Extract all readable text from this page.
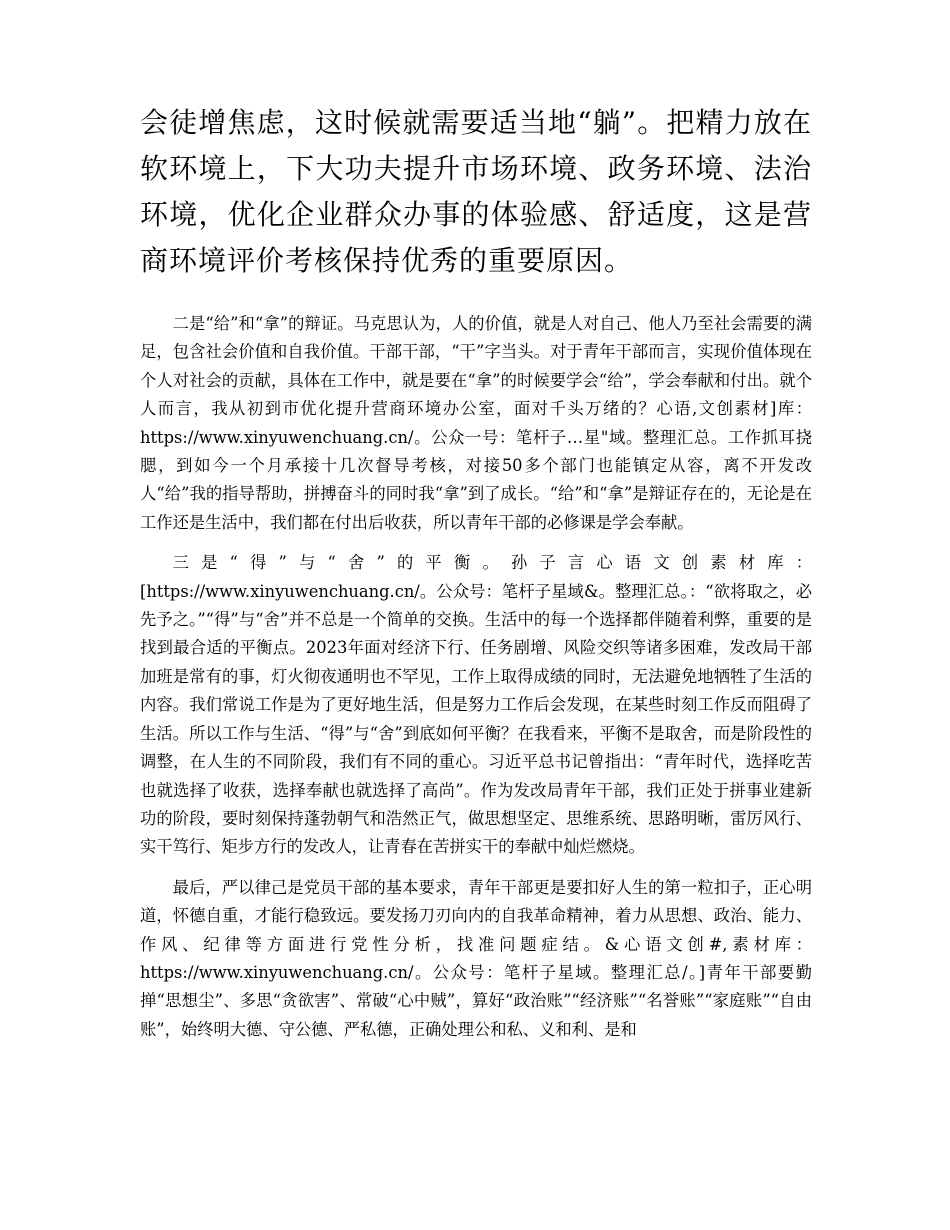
会徒增焦虑，这时候就需要适当地“躺”。把精力放在软环境上，下大功夫提升市场环境、政务环境、法治环境，优化企业群众办事的体验感、舒适度，这是营商环境评价考核保持优秀的重要原因。

二是“给”和“拿”的辩证。马克思认为，人的价值，就是人对自己、他人乃至社会需要的满足，包含社会价值和自我价值。干部干部，“干”字当头。对于青年干部而言，实现价值体现在个人对社会的贡献，具体在工作中，就是要在“拿”的时候要学会“给”，学会奉献和付出。就个人而言，我从初到市优化提升营商环境办公室，面对千头万绪的？心语,文创素材]库：https://www.xinyuwenchuang.cn/。公众一号：笔杆子…星"域。整理汇总。工作抓耳挠腮，到如今一个月承接十几次督导考核，对接50多个部门也能镇定从容，离不开发改人“给”我的指导帮助，拼搏奋斗的同时我“拿”到了成长。“给”和“拿”是辩证存在的，无论是在工作还是生活中，我们都在付出后收获，所以青年干部的必修课是学会奉献。

三是“得”与“舍”的平衡。孙子言心语文创素材库：[https://www.xinyuwenchuang.cn/。公众号：笔杆子星域&。整理汇总。：“欲将取之，必先予之。”“得”与“舍”并不总是一个简单的交换。生活中的每一个选择都伴随着利弊，重要的是找到最合适的平衡点。2023年面对经济下行、任务剧增、风险交织等诸多困难，发改局干部加班是常有的事，灯火彻夜通明也不罕见，工作上取得成绩的同时，无法避免地牺牲了生活的内容。我们常说工作是为了更好地生活，但是努力工作后会发现，在某些时刻工作反而阻碍了生活。所以工作与生活、“得”与“舍”到底如何平衡？在我看来，平衡不是取舍，而是阶段性的调整，在人生的不同阶段，我们有不同的重心。习近平总书记曾指出：“青年时代，选择吃苦也就选择了收获，选择奉献也就选择了高尚”。作为发改局青年干部，我们正处于拼事业建新功的阶段，要时刻保持蓬勃朝气和浩然正气，做思想坚定、思维系统、思路明晰，雷厉风行、实干笃行、矩步方行的发改人，让青春在苦拼实干的奉献中灿烂燃烧。

最后，严以律己是党员干部的基本要求，青年干部更是要扣好人生的第一粒扣子，正心明道，怀德自重，才能行稳致远。要发扬刀刃向内的自我革命精神，着力从思想、政治、能力、作风、纪律等方面进行党性分析，找准问题症结。&心语文创#,素材库：https://www.xinyuwenchuang.cn/。公众号：笔杆子星域。整理汇总/。]青年干部要勤掸“思想尘”、多思“贪欲害”、常破“心中贼”，算好“政治账”“经济账”“名誉账”“家庭账”“自由账”，始终明大德、守公德、严私德，正确处理公和私、义和利、是和
